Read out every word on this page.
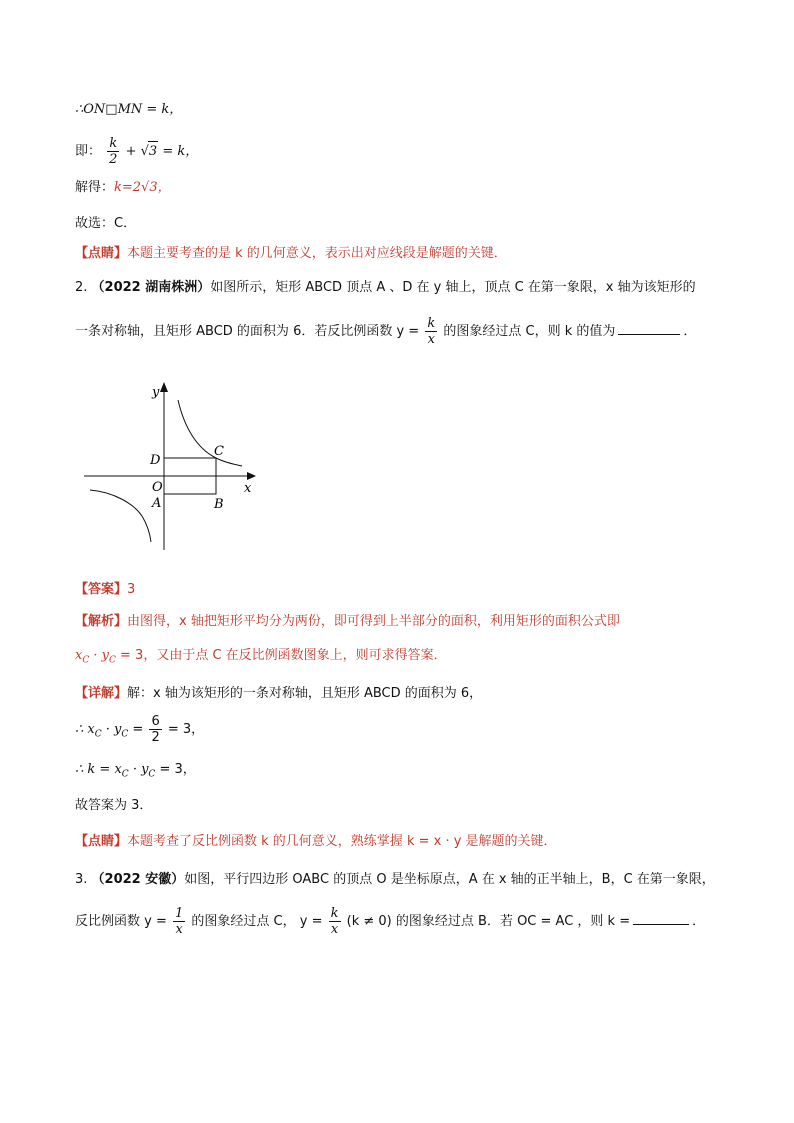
∴ON□MN = k，
即： $\frac{k}{2} + √3 = k$，
解得：k=2√3，
故选：C．
【点睛】本题主要考查的是 k 的几何意义，表示出对应线段是解题的关键．
2. （2022 湖南株洲）如图所示，矩形 ABCD 顶点 A 、D 在 y 轴上，顶点 C 在第一象限，x 轴为该矩形的
一条对称轴，且矩形 ABCD 的面积为 6．若反比例函数 $y = \frac{k}{x}$ 的图象经过点 C，则 k 的值为	．
y
x
O
A	B
C
D
【答案】3
【解析】由图得，x 轴把矩形平均分为两份，即可得到上半部分的面积，利用矩形的面积公式即
$x_C \cdot y_C = 3$，又由于点 C 在反比例函数图象上，则可求得答案．
【详解】解：x 轴为该矩形的一条对称轴，且矩形 ABCD 的面积为 6，
∴ $x_C \cdot y_C = \frac{6}{2} = 3$，
∴ $k = x_C \cdot y_C = 3$，
故答案为 3．
【点睛】本题考查了反比例函数 k 的几何意义，熟练掌握 k = x · y 是解题的关键．
3. （2022 安徽）如图，平行四边形 OABC 的顶点 O 是坐标原点，A 在 x 轴的正半轴上，B，C 在第一象限，
反比例函数 $y = \frac{1}{x}$ 的图象经过点 C， $y = \frac{k}{x} (k \ne 0)$ 的图象经过点 B．若 OC = AC ，则 k =	．
